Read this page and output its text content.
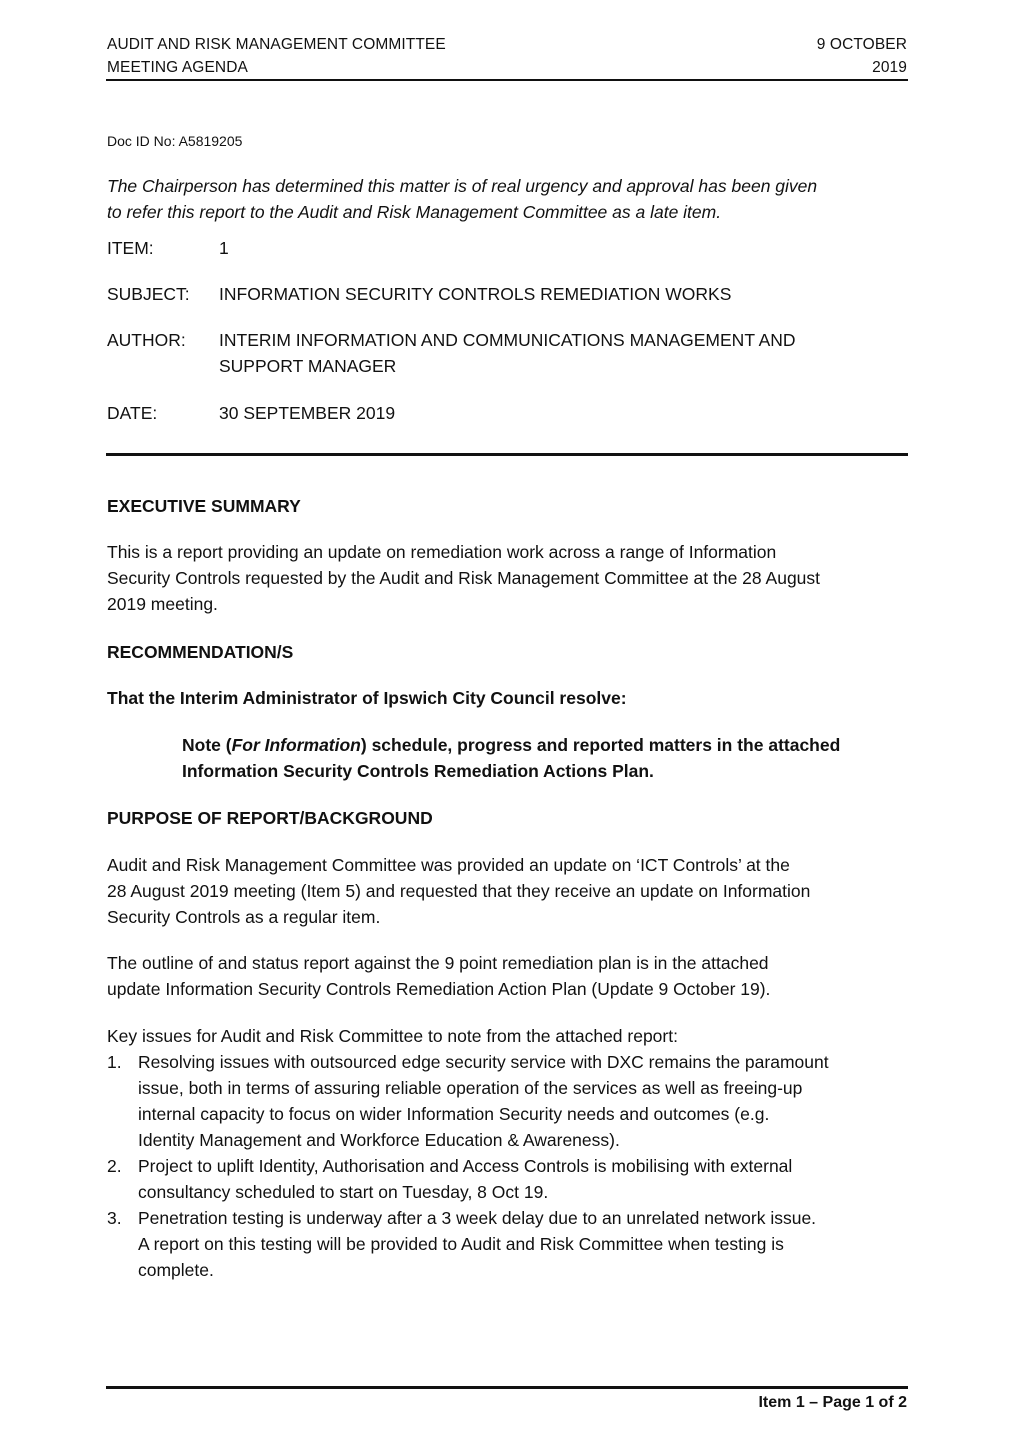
AUDIT AND RISK MANAGEMENT COMMITTEE
MEETING AGENDA
9 OCTOBER
2019
Doc ID No: A5819205
The Chairperson has determined this matter is of real urgency and approval has been given
to refer this report to the Audit and Risk Management Committee as a late item.
ITEM:	1
SUBJECT: INFORMATION SECURITY CONTROLS REMEDIATION WORKS
AUTHOR: INTERIM INFORMATION AND COMMUNICATIONS MANAGEMENT AND
SUPPORT MANAGER
DATE:	30 SEPTEMBER 2019
EXECUTIVE SUMMARY
This is a report providing an update on remediation work across a range of Information
Security Controls requested by the Audit and Risk Management Committee at the 28 August
2019 meeting.
RECOMMENDATION/S
That the Interim Administrator of Ipswich City Council resolve:
Note (For Information) schedule, progress and reported matters in the attached
Information Security Controls Remediation Actions Plan.
PURPOSE OF REPORT/BACKGROUND
Audit and Risk Management Committee was provided an update on ‘ICT Controls’ at the
28 August 2019 meeting (Item 5) and requested that they receive an update on Information
Security Controls as a regular item.
The outline of and status report against the 9 point remediation plan is in the attached
update Information Security Controls Remediation Action Plan (Update 9 October 19).
Key issues for Audit and Risk Committee to note from the attached report:
1. Resolving issues with outsourced edge security service with DXC remains the paramount
issue, both in terms of assuring reliable operation of the services as well as freeing-up
internal capacity to focus on wider Information Security needs and outcomes (e.g.
Identity Management and Workforce Education & Awareness).
2. Project to uplift Identity, Authorisation and Access Controls is mobilising with external
consultancy scheduled to start on Tuesday, 8 Oct 19.
3. Penetration testing is underway after a 3 week delay due to an unrelated network issue.
A report on this testing will be provided to Audit and Risk Committee when testing is
complete.
Item 1 – Page 1 of 2
